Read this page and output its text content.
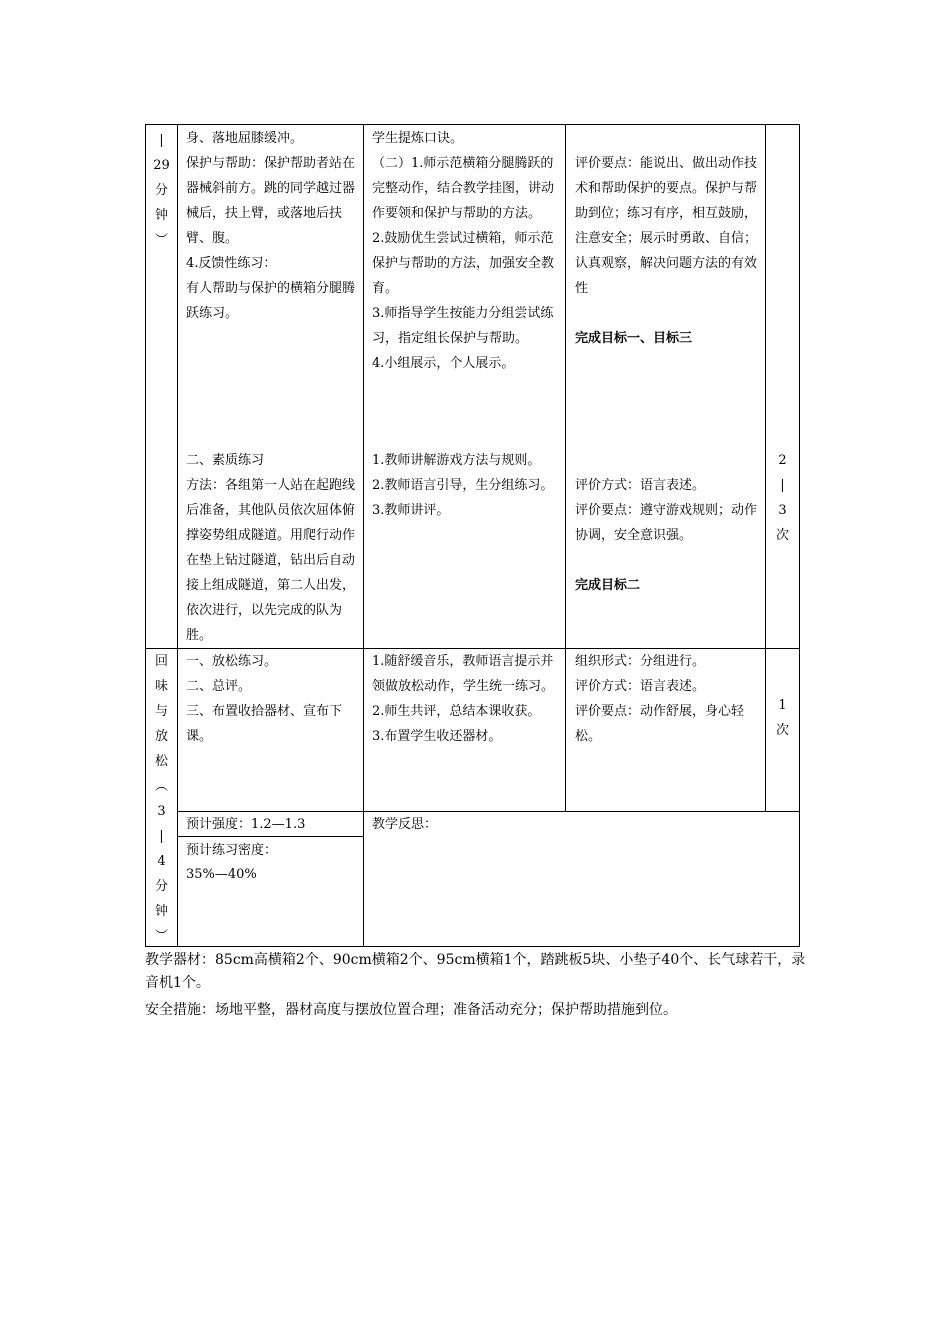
|
29
分
钟
︶
身、落地屈膝缓冲。
保护与帮助：保护帮助者站在器械斜前方。跳的同学越过器械后，扶上臂，或落地后扶臂、腹。
4.反馈性练习：
有人帮助与保护的横箱分腿腾跃练习。
二、素质练习
方法：各组第一人站在起跑线后准备，其他队员依次屈体俯撑姿势组成隧道。用爬行动作在垫上钻过隧道，钻出后自动接上组成隧道，第二人出发，依次进行，以先完成的队为胜。
学生提炼口诀。
（二）1.师示范横箱分腿腾跃的完整动作，结合教学挂图，讲动作要领和保护与帮助的方法。
2.鼓励优生尝试过横箱，师示范保护与帮助的方法，加强安全教育。
3.师指导学生按能力分组尝试练习，指定组长保护与帮助。
4.小组展示，个人展示。
1.教师讲解游戏方法与规则。
2.教师语言引导，生分组练习。
3.教师讲评。

评价要点：能说出、做出动作技术和帮助保护的要点。保护与帮助到位；练习有序，相互鼓励，注意安全；展示时勇敢、自信；认真观察，解决问题方法的有效性

完成目标一、目标三

评价方式：语言表述。
评价要点：遵守游戏规则；动作协调，安全意识强。

完成目标二

2
|
3
次
回
味
与
放
松
︵
3
|
4
分
钟
︶
一、放松练习。
二、总评。
三、布置收拾器材、宣布下课。
1.随舒缓音乐，教师语言提示并领做放松动作，学生统一练习。
2.师生共评，总结本课收获。
3.布置学生收还器材。
组织形式：分组进行。
评价方式：语言表述。
评价要点：动作舒展，身心轻松。
1
次
预计强度：1.2—1.3
预计练习密度：
35%—40%
教学反思：
教学器材：85cm高横箱2个、90cm横箱2个、95cm横箱1个，踏跳板5块、小垫子40个、长气球若干，录音机1个。
安全措施：场地平整，器材高度与摆放位置合理；准备活动充分；保护帮助措施到位。
